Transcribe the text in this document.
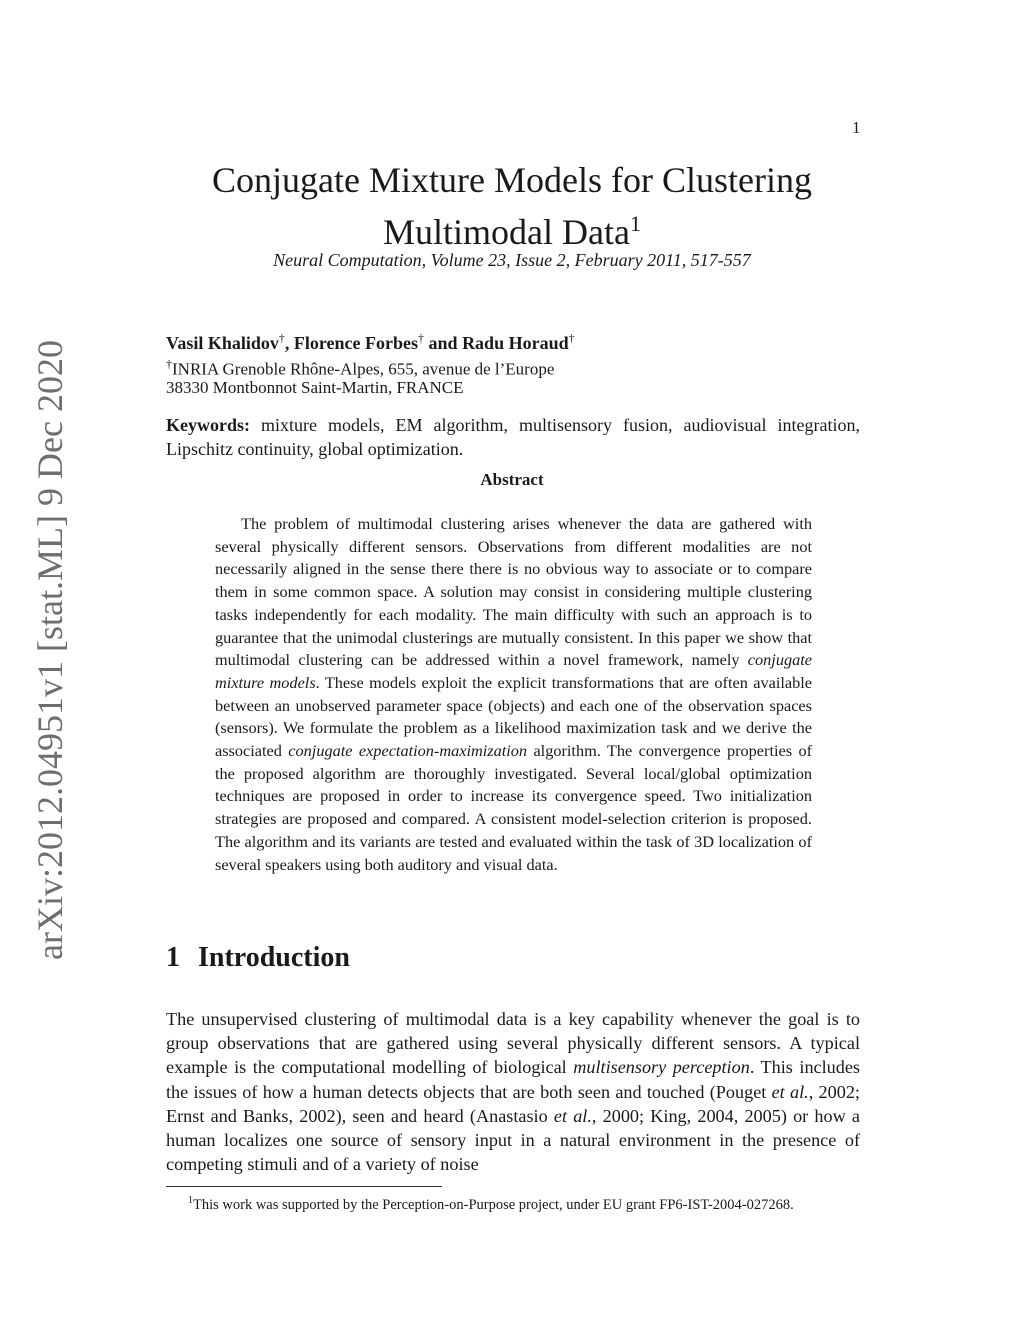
arXiv:2012.04951v1 [stat.ML] 9 Dec 2020
1
Conjugate Mixture Models for Clustering
Multimodal Data$^1$
Neural Computation, Volume 23, Issue 2, February 2011, 517-557
Vasil Khalidov†, Florence Forbes† and Radu Horaud†
†INRIA Grenoble Rhône-Alpes, 655, avenue de l’Europe
38330 Montbonnot Saint-Martin, FRANCE
Keywords: mixture models, EM algorithm, multisensory fusion, audiovisual integration, Lipschitz continuity, global optimization.
Abstract
The problem of multimodal clustering arises whenever the data are gathered with several physically different sensors. Observations from different modalities are not necessarily aligned in the sense there there is no obvious way to associate or to compare them in some common space. A solution may consist in considering multiple clustering tasks independently for each modality. The main difficulty with such an approach is to guarantee that the unimodal clusterings are mutually consistent. In this paper we show that multimodal clustering can be addressed within a novel framework, namely conjugate mixture models. These models exploit the explicit transformations that are often available between an unobserved parameter space (objects) and each one of the observation spaces (sensors). We formulate the problem as a likelihood maximization task and we derive the associated conjugate expectation-maximization algorithm. The convergence properties of the proposed algorithm are thoroughly investigated. Several local/global optimization techniques are proposed in order to increase its convergence speed. Two initialization strategies are proposed and compared. A consistent model-selection criterion is proposed. The algorithm and its variants are tested and evaluated within the task of 3D localization of several speakers using both auditory and visual data.
1 Introduction
The unsupervised clustering of multimodal data is a key capability whenever the goal is to group observations that are gathered using several physically different sensors. A typical example is the computational modelling of biological multisensory perception. This includes the issues of how a human detects objects that are both seen and touched (Pouget et al., 2002; Ernst and Banks, 2002), seen and heard (Anastasio et al., 2000; King, 2004, 2005) or how a human localizes one source of sensory input in a natural environment in the presence of competing stimuli and of a variety of noise
$^1$This work was supported by the Perception-on-Purpose project, under EU grant FP6-IST-2004-027268.
